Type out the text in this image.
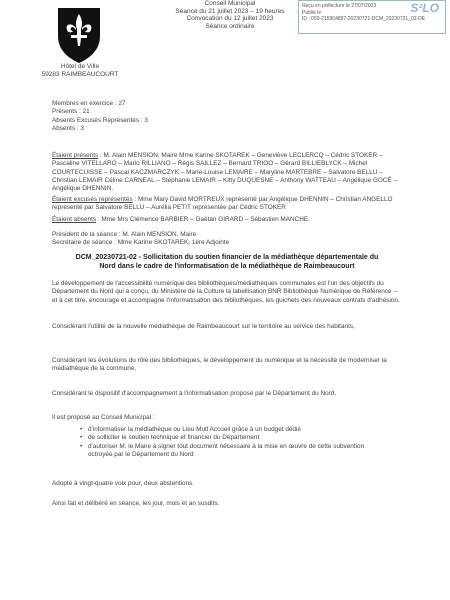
Hôtel de Ville
59283 RAIMBEAUCOURT
Conseil Municipal
Séance du 21 juillet 2023 – 19 heures
Convocation du 12 juillet 2023
Séance ordinaire
Reçu en préfecture le 27/07/2023
Publié le
ID : 059-215904897-20230721-DCM_20230721_02-DE
S²LO
Membres en exercice : 27
Présents : 21
Absents Excusés Représentés : 3
Absents : 3
Étaient présents : M. Alain MENSION, Maire Mme Karine SKOTAREK – Geneviève LECLERCQ – Cédric STOKER – Pascaline VITELLARO – Mario RILLIANO – Régis SAILLEZ – Bernard TRIOO – Gérard BILLIEBLYCK – Michel COURTECUISSE – Pascal KACZMARCZYK – Marie-Louise LEMAIRE – Maryline MARTEBRE – Salvatore BELLU – Christian LEMAIR Céline CARNEAL – Stéphanie LEMAIR – Kitty DUQUESNE – Anthony WATTEAU – Angélique GOCÉ – Angélique DHENNIN.
Étaient excusés représentés : Mme Mary David MORTREUX représenté par Angélique DHENNIN – Christian ANGELLO représenté par Salvatore BELLU – Aurélia PETIT représentée par Cédric STOKER
Étaient absents : Mme Mrs Clémence BARBIER – Gaëtan GIRARD – Sébastien MANCHE.
Président de la séance : M. Alain MENSION, Maire
Secrétaire de séance : Mme Karine SKOTAREK, 1ère Adjointe
DCM_20230721-02 - Sollicitation du soutien financier de la médiathèque départementale du
Nord dans le cadre de l'informatisation de la médiathèque de Raimbeaucourt
Le développement de l'accessibilité numérique des bibliothèques/médiathèques communales est l'un des objectifs du Département du Nord qui a conçu, du Ministère de la Culture la labellisation BNR Bibliothèque Numérique de Référence – et à cet titre, encourage et accompagne l'informatisation des bibliothèques, les guichets des nouveaux contrats d'adhésion.
Considérant l'utilité de la nouvelle médiathèque de Raimbeaucourt sur le territoire au service des habitants,
Considérant les évolutions du rôle des bibliothèques, le développement du numérique et la nécessité de moderniser la médiathèque de la commune,
Considérant le dispositif d'accompagnement à l'informatisation proposé par le Département du Nord,
Il est proposé au Conseil Municipal :
• d'informatiser la médiathèque ou Lieu Mutl Accueil grâce à un budget dédié
• de solliciter le soutien technique et financier du Département
• d'autoriser M. le Maire à signer tout document nécessaire à la mise en œuvre de cette subvention octroyée par le Département du Nord
Adopté à vingt-quatre voix pour, deux abstentions.
Ainsi fait et délibéré en séance, les jour, mois et an susdits.
